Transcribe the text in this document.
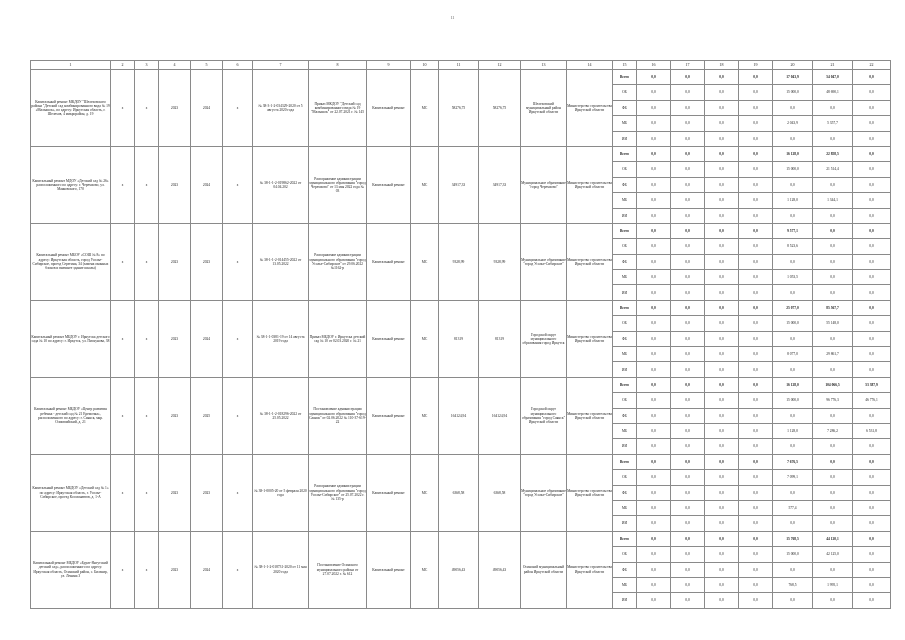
11
1	2	3	4	5	6	7	8	9	10	11	12	13	14	15	16	17	18	19	20	21	22
Капитальный ремонт МКДОУ "Шелеховского района "Детский сад комбинированного вида № 19 «Малышок», по адресу: Иркутская область, г. Шелехов, 4 микрорайон, д. 19	х	х	2023	2024	х	№ 38-3-1-2-034329-2020 от 5 августа 2020 года	Приказ МКДОУ "Детский сад комбинированного вида № 19 "Малышок" от 22.07.2021 г. № 145	Капитальный ремонт	МС	58276,75	58276,75	Шелеховский муниципальный район Иркутской области	Министерство строительства Иркутской области	Всего	0,0	0,0	0,0	0,0	17 043,9	54 047,0	0,0
														ОБ	0,0	0,0	0,0	0,0	15 000,0	48 690,1	0,0
														ФБ	0,0	0,0	0,0	0,0	0,0	0,0	0,0
														МБ	0,0	0,0	0,0	0,0	2 043,9	5 357,7	0,0
														ИИ	0,0	0,0	0,0	0,0	0,0	0,0	0,0
Капитальный ремонт МДОУ «Детский сад № 26» расположенного по адресу: г. Черемхово, ул. Маяковского, 170	х	х	2023	2024	х	№ 38-1-1-2-019862-2022 от 04.04.202	Распоряжение администрации муниципального образования "город Черемхово" от 13 мая 2022 года № 03	Капитальный ремонт	МС	34917,33	34917,33	Муниципальное образование "город Черемхово"	Министерство строительства Иркутской области	Всего	0,0	0,0	0,0	0,0	16 128,0	22 858,5	0,0
														ОБ	0,0	0,0	0,0	0,0	15 000,0	21 514,4	0,0
														ФБ	0,0	0,0	0,0	0,0	0,0	0,0	0,0
														МБ	0,0	0,0	0,0	0,0	1 128,0	1 344,1	0,0
														ИИ	0,0	0,0	0,0	0,0	0,0	0,0	0,0
Капитальный ремонт МБОУ «СОШ № 8» по адресу: Иркутская область, город Усолье-Сибирское, проезд Серегина, 34 (замена оконных блоков и внешнее здание школы)	х	х	2023	2023	х	№ 38-1-1-2-014455-2022 от 13.05.2022	Распоряжение администрации муниципального образования "город Усолье-Сибирское" от 29.06.2022 №1162-р	Капитальный ремонт	МС	9328,99	9328,99	Муниципальное образование "город Усолье-Сибирское"	Министерство строительства Иркутской области	Всего	0,0	0,0	0,0	0,0	9 577,1	0,0	0,0
														ОБ	0,0	0,0	0,0	0,0	8 523,6	0,0	0,0
														ФБ	0,0	0,0	0,0	0,0	0,0	0,0	0,0
														МБ	0,0	0,0	0,0	0,0	1 053,5	0,0	0,0
														ИИ	0,0	0,0	0,0	0,0	0,0	0,0	0,0
Капитальный ремонт МБДОУ г. Иркутска детского сада № 10 по адресу: г. Иркутск, ул. Пискунова, 38	х	х	2023	2024	х	№ 38-1-1-0381-19 от 14 августа 2019 года	Приказ МБДОУ г. Иркутска детский сад № 10 от 02.03.2020 г. № 21	Капитальный ремонт	МС	81319	81319	Городской округ муниципального образования город Иркутск	Министерство строительства Иркутской области	Всего	0,0	0,0	0,0	0,0	25 077,0	85 567,7	0,0
														ОБ	0,0	0,0	0,0	0,0	15 000,0	55 148,0	0,0
														ФБ	0,0	0,0	0,0	0,0	0,0	0,0	0,0
														МБ	0,0	0,0	0,0	0,0	8 077,0	29 861,7	0,0
														ИИ	0,0	0,0	0,0	0,0	0,0	0,0	0,0
Капитальный ремонт МБДОУ «Центр развития ребенка - детский сад № 21 Еремочка», расположенного по адресу: г. Саянск, мкр. Олимпийский, д. 21	х	х	2023	2025	х	№ 38-1-1-2-018296-2022 от 25.05.2022	Постановление администрации муниципального образования "город Саянск" от 02.06.2022 № 110-37-619-22	Капитальный ремонт	МС	164124,94	164124,94	Городской округ муниципального образования "город Саянск" Иркутской области	Министерство строительства Иркутской области	Всего	0,0	0,0	0,0	0,0	16 128,0	104 066,5	53 387,9
														ОБ	0,0	0,0	0,0	0,0	15 000,0	96 776,3	46 776,1
														ФБ	0,0	0,0	0,0	0,0	0,0	0,0	0,0
														МБ	0,0	0,0	0,0	0,0	1 128,0	7 286,2	6 531,8
														ИИ	0,0	0,0	0,0	0,0	0,0	0,0	0,0
Капитальный ремонт МБДОУ «Детский сад № 1» по адресу: Иркутская область, г. Усолье-Сибирское, проезд Космонавтов, д. 1-А	х	х	2023	2023	х	№ 38-1-0005-20 от 5 февраля 2020 года	Распоряжение администрации муниципального образования "город Усолье-Сибирское" от 25.07.2022 г. № 135-р	Капитальный ремонт	МС	6368,58	6368,58	Муниципальное образование "город Усолье-Сибирское"	Министерство строительства Иркутской области	Всего	0,0	0,0	0,0	0,0	7 676,5	0,0	0,0
														ОБ	0,0	0,0	0,0	0,0	7 099,1	0,0	0,0
														ФБ	0,0	0,0	0,0	0,0	0,0	0,0	0,0
														МБ	0,0	0,0	0,0	0,0	577,4	0,0	0,0
														ИИ	0,0	0,0	0,0	0,0	0,0	0,0	0,0
Капитальный ремонт МБДОУ «Бурат-Янгутский детский сад», расположенного по адресу: Иркутская область, Осинский район, с. Бильчир, ул. Ленина 3	х	х	2023	2024	х	№ 38-1-1-2-018731-2020 от 11 мая 2020 года	Постановление Осинского муниципального района от 27.07.2022 г. № 612	Капитальный ремонт	МС	49056,43	49056,43	Осинский муниципальный район Иркутской области	Министерство строительства Иркутской области	Всего	0,0	0,0	0,0	0,0	15 768,5	44 120,1	0,0
														ОБ	0,0	0,0	0,0	0,0	15 000,0	42 125,0	0,0
														ФБ	0,0	0,0	0,0	0,0	0,0	0,0	0,0
														МБ	0,0	0,0	0,0	0,0	768,5	1 995,1	0,0
														ИИ	0,0	0,0	0,0	0,0	0,0	0,0	0,0
